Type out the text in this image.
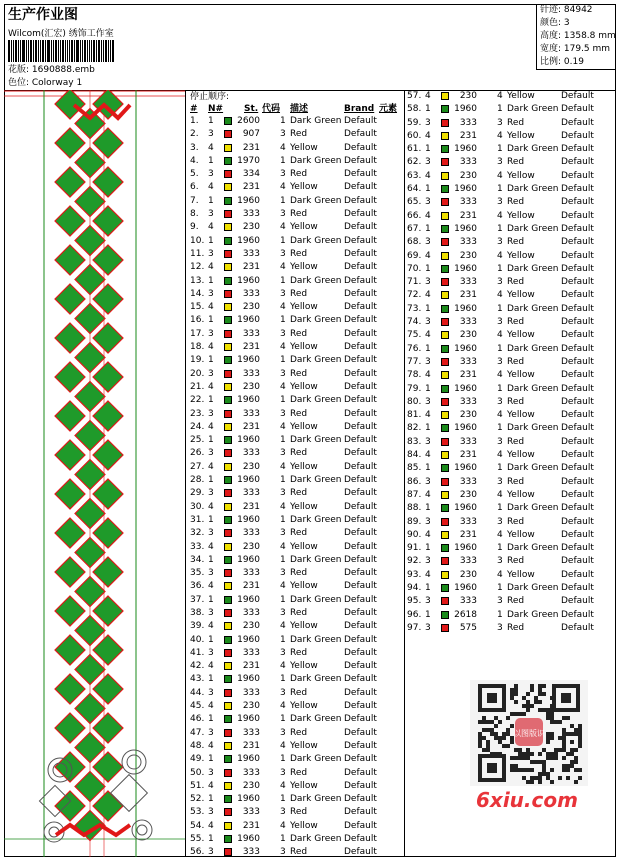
生产作业图
Wilcom(汇宏) 绣饰工作室
花版: 1690888.emb
色位: Colorway 1
针迹: 84942
颜色: 3
高度: 1358.8 mm
宽度: 179.5 mm
比例: 0.19
停止顺序:
# N# St. 代码 描述	Brand 元素
1. 1	2600 1 Dark Green Default
2. 3	907 3 Red	Default
3. 4	231 4 Yellow	Default
4. 1	1970 1 Dark Green Default
5. 3	334 3 Red	Default
6. 4	231 4 Yellow	Default
7. 1	1960 1 Dark Green Default
8. 3	333 3 Red	Default
9. 4	230 4 Yellow	Default
10. 1	1960 1 Dark Green Default
11. 3	333 3 Red	Default
12. 4	231 4 Yellow	Default
13. 1	1960 1 Dark Green Default
14. 3	333 3 Red	Default
15. 4	230 4 Yellow	Default
16. 1	1960 1 Dark Green Default
17. 3	333 3 Red	Default
18. 4	231 4 Yellow	Default
19. 1	1960 1 Dark Green Default
20. 3	333 3 Red	Default
21. 4	230 4 Yellow	Default
22. 1	1960 1 Dark Green Default
23. 3	333 3 Red	Default
24. 4	231 4 Yellow	Default
25. 1	1960 1 Dark Green Default
26. 3	333 3 Red	Default
27. 4	230 4 Yellow	Default
28. 1	1960 1 Dark Green Default
29. 3	333 3 Red	Default
30. 4	231 4 Yellow	Default
31. 1	1960 1 Dark Green Default
32. 3	333 3 Red	Default
33. 4	230 4 Yellow	Default
34. 1	1960 1 Dark Green Default
35. 3	333 3 Red	Default
36. 4	231 4 Yellow	Default
37. 1	1960 1 Dark Green Default
38. 3	333 3 Red	Default
39. 4	230 4 Yellow	Default
40. 1	1960 1 Dark Green Default
41. 3	333 3 Red	Default
42. 4	231 4 Yellow	Default
43. 1	1960 1 Dark Green Default
44. 3	333 3 Red	Default
45. 4	230 4 Yellow	Default
46. 1	1960 1 Dark Green Default
47. 3	333 3 Red	Default
48. 4	231 4 Yellow	Default
49. 1	1960 1 Dark Green Default
50. 3	333 3 Red	Default
51. 4	230 4 Yellow	Default
52. 1	1960 1 Dark Green Default
53. 3	333 3 Red	Default
54. 4	231 4 Yellow	Default
55. 1	1960 1 Dark Green Default
56. 3	333 3 Red	Default
57. 4	230 4 Yellow	Default
58. 1	1960 1 Dark Green Default
59. 3	333 3 Red	Default
60. 4	231 4 Yellow	Default
61. 1	1960 1 Dark Green Default
62. 3	333 3 Red	Default
63. 4	230 4 Yellow	Default
64. 1	1960 1 Dark Green Default
65. 3	333 3 Red	Default
66. 4	231 4 Yellow	Default
67. 1	1960 1 Dark Green Default
68. 3	333 3 Red	Default
69. 4	230 4 Yellow	Default
70. 1	1960 1 Dark Green Default
71. 3	333 3 Red	Default
72. 4	231 4 Yellow	Default
73. 1	1960 1 Dark Green Default
74. 3	333 3 Red	Default
75. 4	230 4 Yellow	Default
76. 1	1960 1 Dark Green Default
77. 3	333 3 Red	Default
78. 4	231 4 Yellow	Default
79. 1	1960 1 Dark Green Default
80. 3	333 3 Red	Default
81. 4	230 4 Yellow	Default
82. 1	1960 1 Dark Green Default
83. 3	333 3 Red	Default
84. 4	231 4 Yellow	Default
85. 1	1960 1 Dark Green Default
86. 3	333 3 Red	Default
87. 4	230 4 Yellow	Default
88. 1	1960 1 Dark Green Default
89. 3	333 3 Red	Default
90. 4	231 4 Yellow	Default
91. 1	1960 1 Dark Green Default
92. 3	333 3 Red	Default
93. 4	230 4 Yellow	Default
94. 1	1960 1 Dark Green Default
95. 3	333 3 Red	Default
96. 1	2618 1 Dark Green Default
97. 3	575 3 Red	Default
以图版识
6xiu.com
